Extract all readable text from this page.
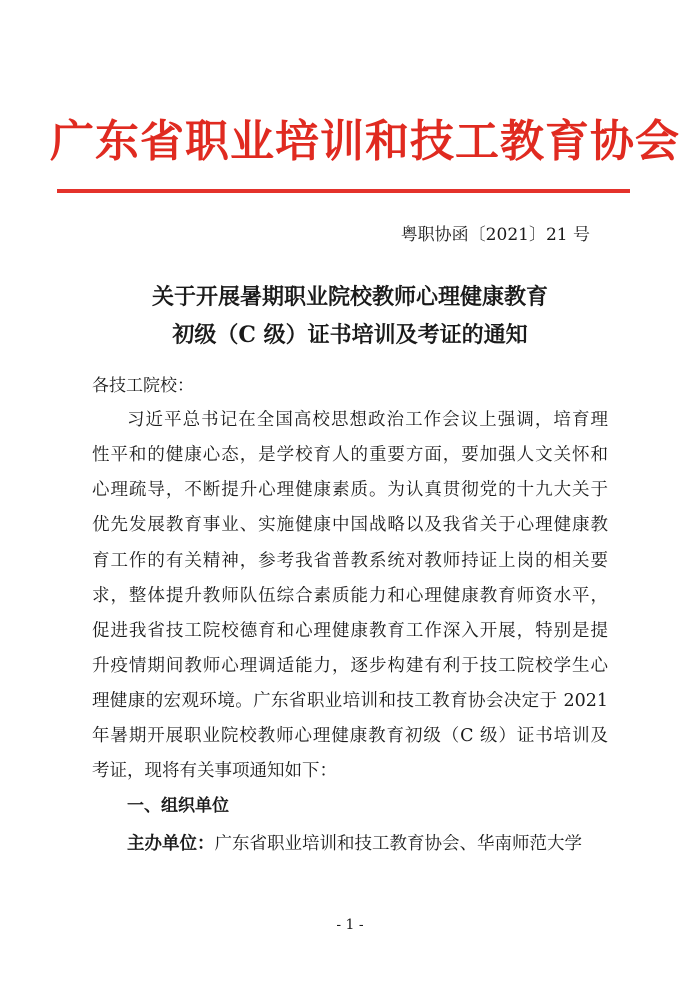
广东省职业培训和技工教育协会
粤职协函〔2021〕21 号
关于开展暑期职业院校教师心理健康教育
初级（C 级）证书培训及考证的通知
各技工院校：
习近平总书记在全国高校思想政治工作会议上强调，培育理
性平和的健康心态，是学校育人的重要方面，要加强人文关怀和
心理疏导，不断提升心理健康素质。为认真贯彻党的十九大关于
优先发展教育事业、实施健康中国战略以及我省关于心理健康教
育工作的有关精神，参考我省普教系统对教师持证上岗的相关要
求，整体提升教师队伍综合素质能力和心理健康教育师资水平，
促进我省技工院校德育和心理健康教育工作深入开展，特别是提
升疫情期间教师心理调适能力，逐步构建有利于技工院校学生心
理健康的宏观环境。广东省职业培训和技工教育协会决定于 2021
年暑期开展职业院校教师心理健康教育初级（C 级）证书培训及
考证，现将有关事项通知如下：
一、组织单位
主办单位：广东省职业培训和技工教育协会、华南师范大学
- 1 -
